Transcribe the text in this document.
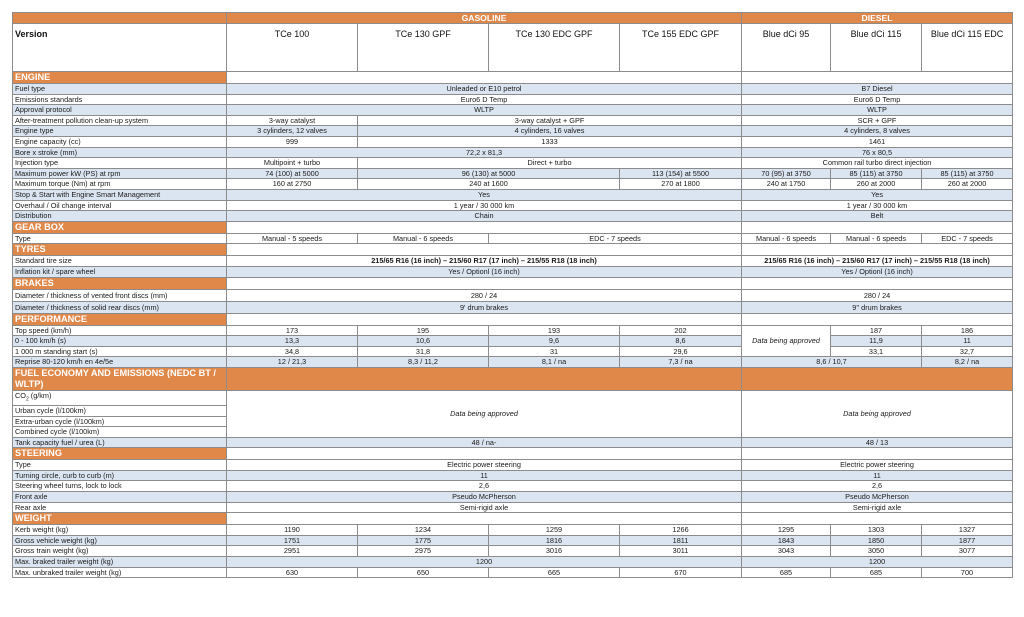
	GASOLINE				DIESEL		
Version	TCe 100	TCe 130 GPF	TCe 130 EDC GPF	TCe 155 EDC GPF	Blue dCi 95	Blue dCi 115	Blue dCi 115 EDC
ENGINE							
Fuel type	Unleaded or E10 petrol				B7 Diesel		
Emissions standards	Euro6 D Temp				Euro6 D Temp		
Approval protocol	WLTP				WLTP		
After-treatment pollution clean-up system	3-way catalyst	3-way catalyst + GPF			SCR + GPF		
Engine type	3 cylinders, 12 valves	4 cylinders, 16 valves			4 cylinders, 8 valves		
Engine capacity (cc)	999	1333			1461		
Bore x stroke (mm)	72,2 x 81,3				76 x 80,5		
Injection type	Multipoint + turbo	Direct + turbo			Common rail turbo direct injection		
Maximum power kW (PS) at rpm	74 (100) at 5000	96 (130) at 5000		113 (154) at 5500	70 (95) at 3750	85 (115) at 3750	85 (115) at 3750
Maximum torque (Nm) at rpm	160 at 2750	240 at 1600		270 at 1800	240 at 1750	260 at 2000	260 at 2000
Stop & Start with Engine Smart Management	Yes				Yes		
Overhaul / Oil change interval	1 year / 30 000 km				1 year / 30 000 km		
Distribution	Chain				Belt		
GEAR BOX							
Type	Manual - 5 speeds	Manual - 6 speeds	EDC - 7 speeds		Manual - 6 speeds	Manual - 6 speeds	EDC - 7 speeds
TYRES							
Standard tire size	215/65 R16 (16 inch) – 215/60 R17 (17 inch) – 215/55 R18 (18 inch)				215/65 R16 (16 inch) – 215/60 R17 (17 inch) – 215/55 R18 (18 inch)		
Inflation kit / spare wheel	Yes / Optionl (16 inch)				Yes / Optionl (16 inch)		
BRAKES							
Diameter / thickness of vented front discs (mm)	280 / 24				280 / 24		
Diameter / thickness of solid rear discs (mm)	9' drum brakes				9'' drum brakes		
PERFORMANCE							
Top speed (km/h)	173	195	193	202	Data being approved	187	186
0 - 100 km/h (s)	13,3	10,6	9,6	8,6		11,9	11
1 000 m standing start (s)	34,8	31,8	31	29,6		33,1	32,7
Reprise 80-120 km/h en 4e/5e	12 / 21,3	8,3 / 11,2	8,1 / na	7,3 / na	8,6 / 10,7		8,2 / na
FUEL ECONOMY AND EMISSIONS (NEDC BT / WLTP)							
$CO_2$ (g/km)	Data being approved				Data being approved		
Urban cycle (l/100km)							
Extra-urban cycle (l/100km)							
Combined cycle (l/100km)							
Tank capacity fuel / urea (L)	48 / na-				48 / 13		
STEERING							
Type	Electric power steering				Electric power steering		
Turning circle, curb to curb (m)	11				11		
Steering wheel turns, lock to lock	2,6				2,6		
Front axle	Pseudo McPherson				Pseudo McPherson		
Rear axle	Semi-rigid axle				Semi-rigid axle		
WEIGHT							
Kerb weight (kg)	1190	1234	1259	1266	1295	1303	1327
Gross vehicle weight (kg)	1751	1775	1816	1811	1843	1850	1877
Gross train weight (kg)	2951	2975	3016	3011	3043	3050	3077
Max. braked trailer weight (kg)	1200				1200		
Max. unbraked trailer weight (kg)	630	650	665	670	685	685	700
